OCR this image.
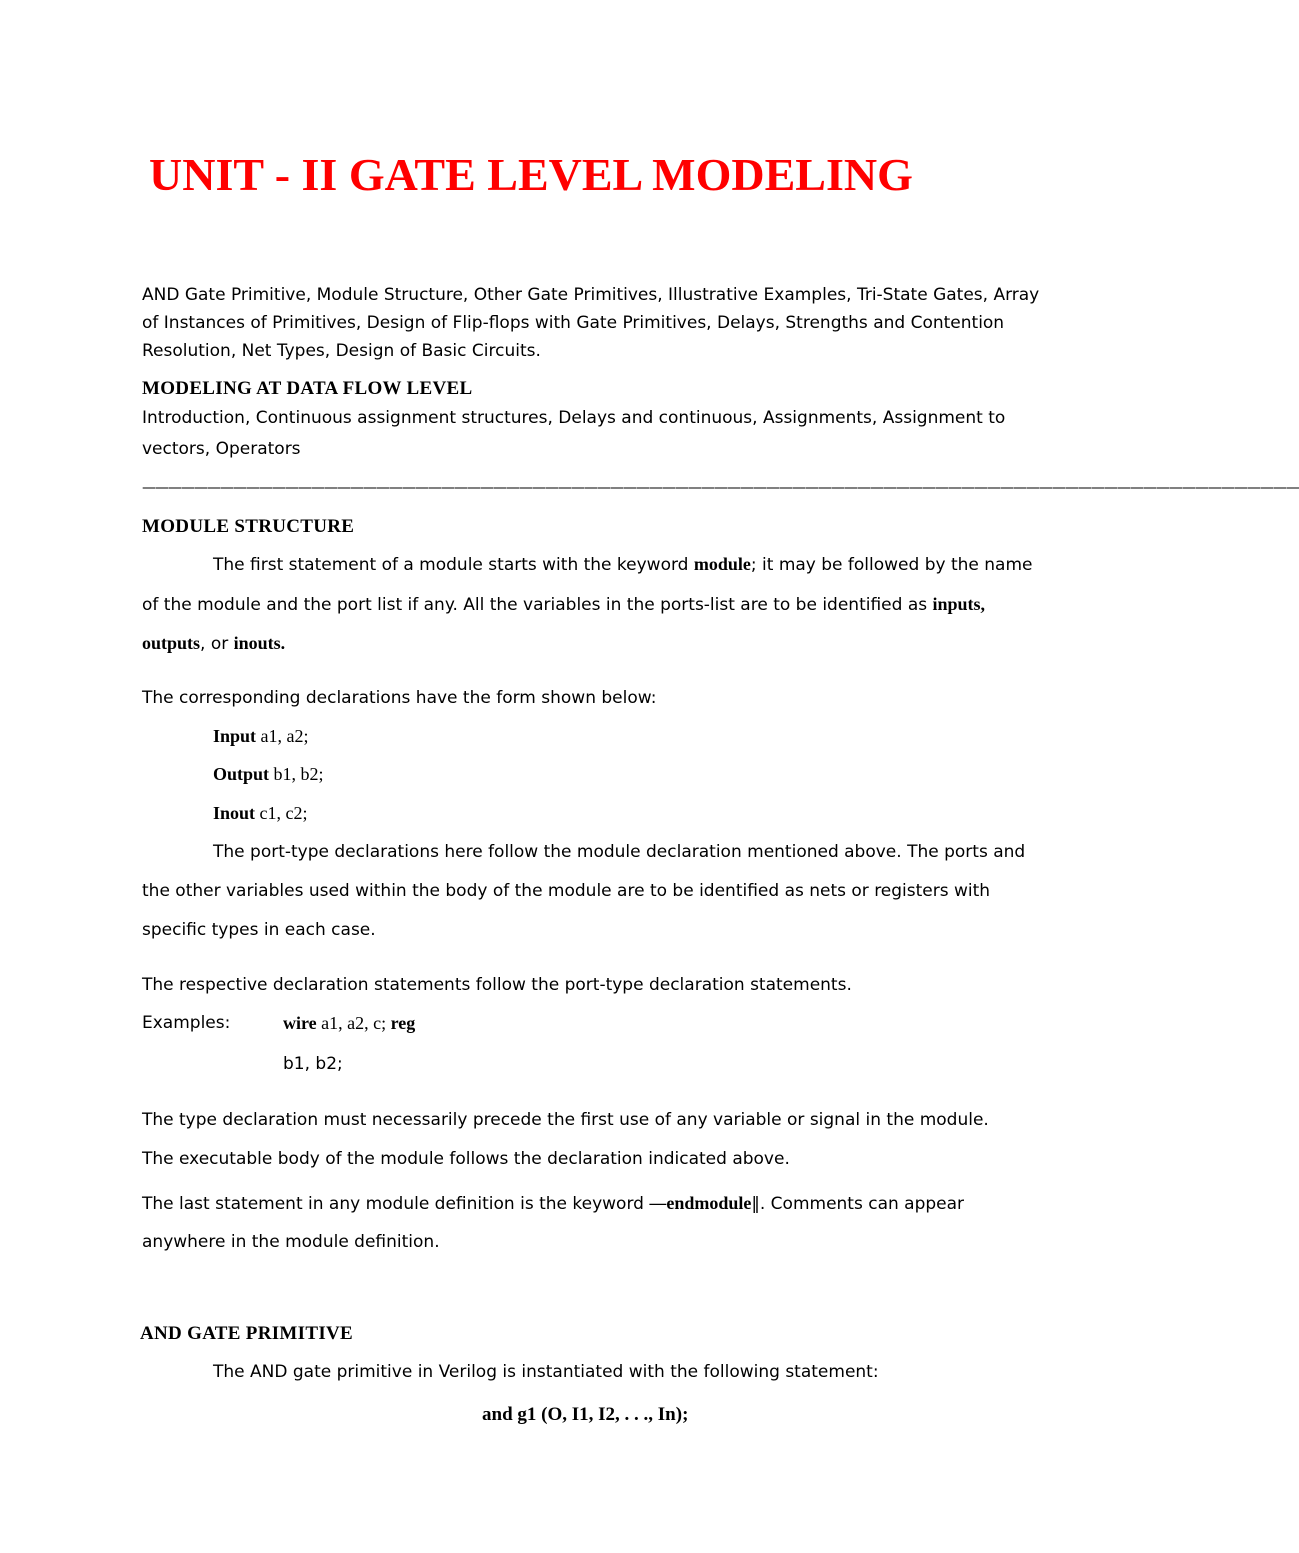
UNIT - II GATE LEVEL MODELING
AND Gate Primitive, Module Structure, Other Gate Primitives, Illustrative Examples, Tri-State Gates, Array
of Instances of Primitives, Design of Flip-flops with Gate Primitives, Delays, Strengths and Contention
Resolution, Net Types, Design of Basic Circuits.
MODELING AT DATA FLOW LEVEL
Introduction, Continuous assignment structures, Delays and continuous, Assignments, Assignment to
vectors, Operators
—————————————————————————————————————————————————————————————————————————————————————————
MODULE STRUCTURE
The first statement of a module starts with the keyword module; it may be followed by the name
of the module and the port list if any. All the variables in the ports-list are to be identified as inputs,
outputs, or inouts.
The corresponding declarations have the form shown below:
Input a1, a2;
Output b1, b2;
Inout c1, c2;
The port-type declarations here follow the module declaration mentioned above. The ports and
the other variables used within the body of the module are to be identified as nets or registers with
specific types in each case.
The respective declaration statements follow the port-type declaration statements.
Examples:	wire a1, a2, c; reg
b1, b2;
The type declaration must necessarily precede the first use of any variable or signal in the module.
The executable body of the module follows the declaration indicated above.
The last statement in any module definition is the keyword ―endmodule‖. Comments can appear
anywhere in the module definition.
AND GATE PRIMITIVE
The AND gate primitive in Verilog is instantiated with the following statement:
and g1 (O, I1, I2, . . ., In);
